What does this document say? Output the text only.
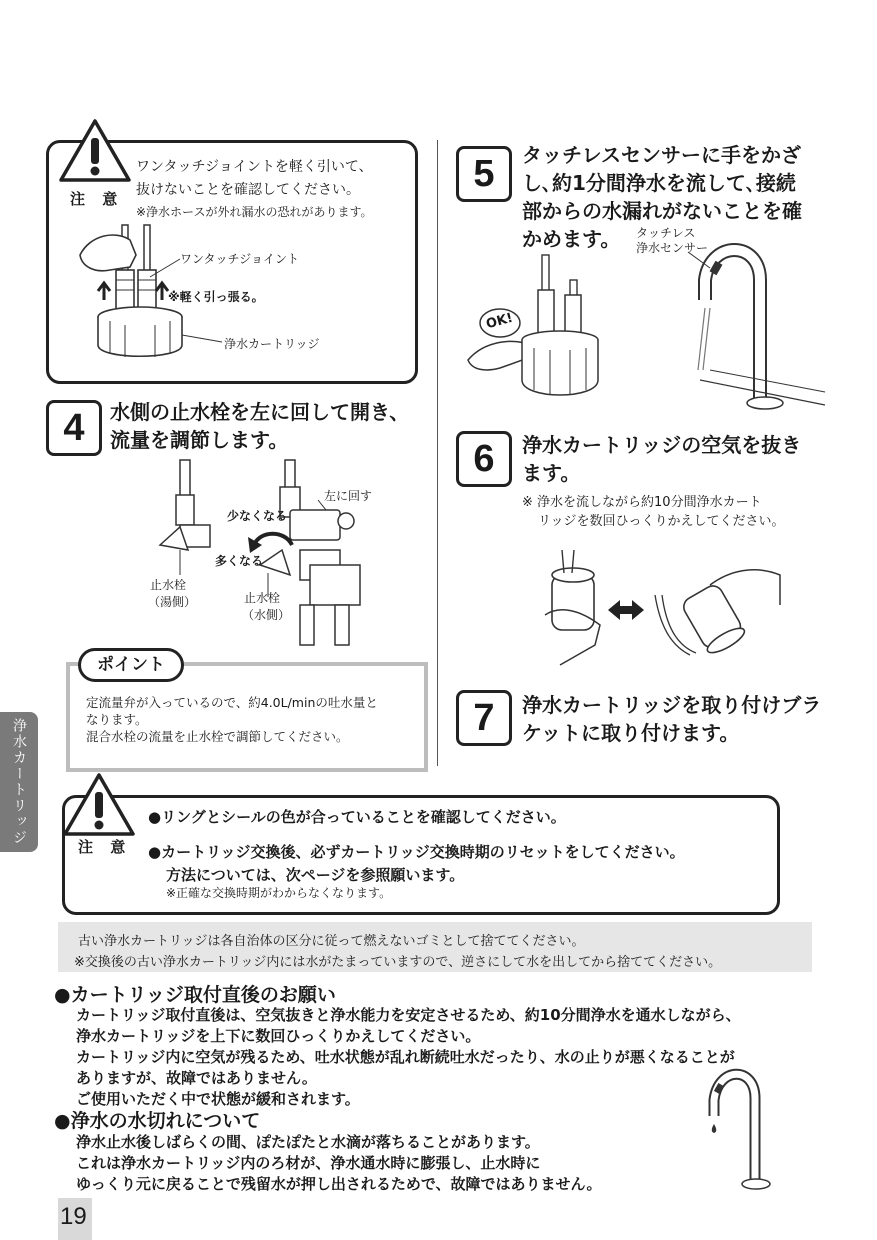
注 意
ワンタッチジョイントを軽く引いて、
抜けないことを確認してください。
※浄水ホースが外れ漏水の恐れがあります。
ワンタッチジョイント
※軽く引っ張る。
浄水カートリッジ
4	水側の止水栓を左に回して開き、
流量を調節します。
左に回す
少なくなる
多くなる
止水栓
（湯側）	止水栓
（水側）
ポイント
定流量弁が入っているので、約4.0L/minの吐水量と
なります。
混合水栓の流量を止水栓で調節してください。
5	タッチレスセンサーに手をかざ
し､約1分間浄水を流して､接続
部からの水漏れがないことを確
かめます。 タッチレス
浄水センサー
OK!
6	浄水カートリッジの空気を抜き
ます。
※ 浄水を流しながら約10分間浄水カート
リッジを数回ひっくりかえしてください。
7	浄水カートリッジを取り付けブラ
ケットに取り付けます。
浄水カートリッジ
注 意
●リングとシールの色が合っていることを確認してください。
●カートリッジ交換後、必ずカートリッジ交換時期のリセットをしてください。
方法については、次ページを参照願います。
※正確な交換時期がわからなくなります。
古い浄水カートリッジは各自治体の区分に従って燃えないゴミとして捨ててください。
※交換後の古い浄水カートリッジ内には水がたまっていますので、逆さにして水を出してから捨ててください。
●カートリッジ取付直後のお願い
カートリッジ取付直後は、空気抜きと浄水能力を安定させるため、約10分間浄水を通水しながら、
浄水カートリッジを上下に数回ひっくりかえしてください。
カートリッジ内に空気が残るため、吐水状態が乱れ断続吐水だったり、水の止りが悪くなることが
ありますが、故障ではありません。
ご使用いただく中で状態が緩和されます。
●浄水の水切れについて
浄水止水後しばらくの間、ぽたぽたと水滴が落ちることがあります。
これは浄水カートリッジ内のろ材が、浄水通水時に膨張し、止水時に
ゆっくり元に戻ることで残留水が押し出されるためで、故障ではありません。
19
